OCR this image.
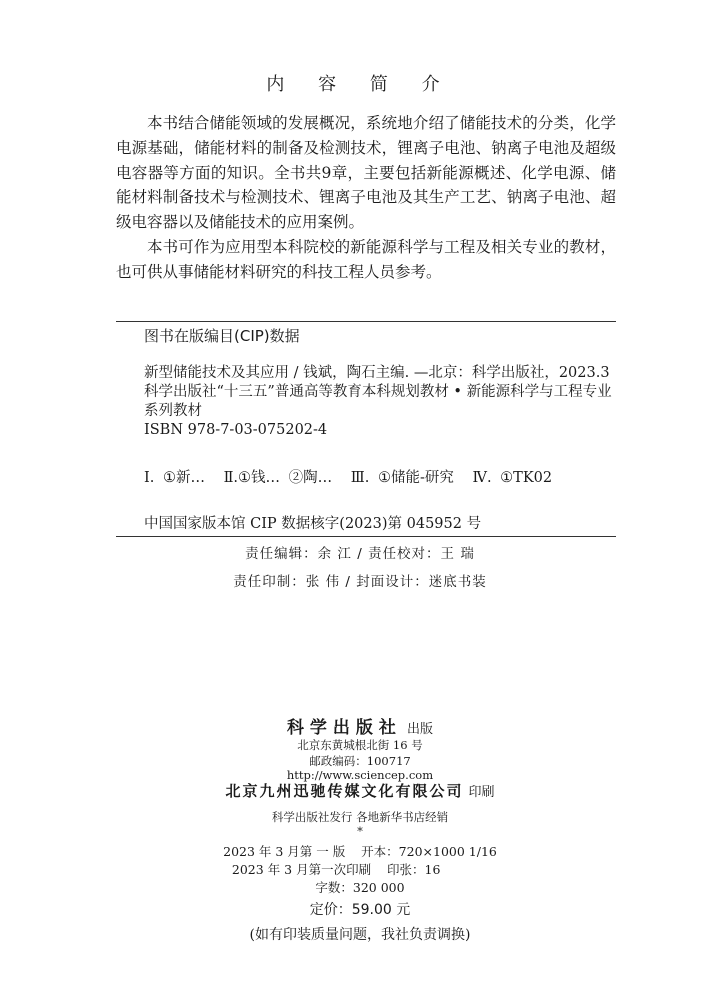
内 容 简 介

本书结合储能领域的发展概况，系统地介绍了储能技术的分类，化学电源基础，储能材料的制备及检测技术，锂离子电池、钠离子电池及超级电容器等方面的知识。全书共9章，主要包括新能源概述、化学电源、储能材料制备技术与检测技术、锂离子电池及其生产工艺、钠离子电池、超级电容器以及储能技术的应用案例。

本书可作为应用型本科院校的新能源科学与工程及相关专业的教材，也可供从事储能材料研究的科技工程人员参考。

图书在版编目(CIP)数据
新型储能技术及其应用 / 钱斌，陶石主编. —北京：科学出版社，2023.3 科学出版社“十三五”普通高等教育本科规划教材 • 新能源科学与工程专业系列教材
ISBN 978-7-03-075202-4
Ⅰ. ①新… Ⅱ.①钱… ②陶… Ⅲ. ①储能-研究 Ⅳ. ①TK02
中国国家版本馆 CIP 数据核字(2023)第 045952 号
责任编辑：余 江 / 责任校对：王 瑞
责任印制：张 伟 / 封面设计：迷底书装
科学出版社 出版
北京东黄城根北街 16 号
邮政编码：100717
http://www.sciencep.com
北京九州迅驰传媒文化有限公司 印刷
科学出版社发行 各地新华书店经销
*
2023 年 3 月第 一 版 开本：720×1000 1/16
2023 年 3 月第一次印刷 印张：16
字数：320 000
定价：59.00 元
(如有印装质量问题，我社负责调换)
